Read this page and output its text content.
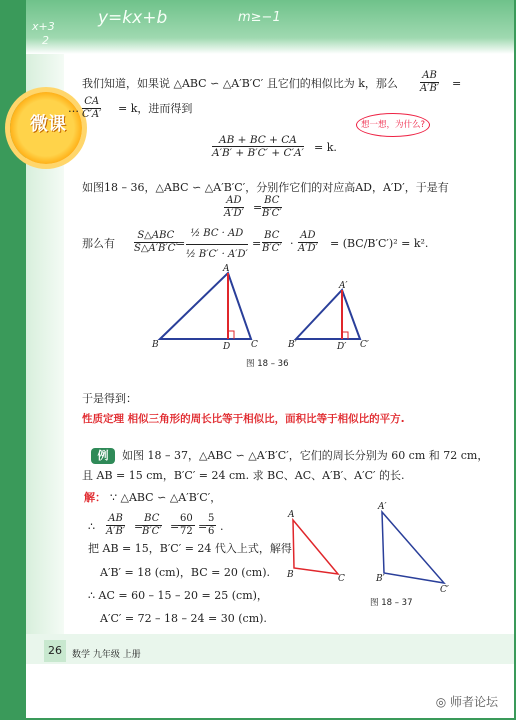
x+3
2
y=kx+b	m≥−1
微课
我们知道，如果说 △ABC ∽ △A′B′C′ 且它们的相似比为 k，那么 $\frac{AB}{A'B'}$ =
… $\frac{CA}{C'A'} = k$，进而得到
$\frac{AB + BC + CA}{A'B' + B'C' + C'A'} = k$.
想一想，为什么?
如图18 – 36，△ABC ∽ △A′B′C′，分别作它们的对应高AD，A′D′，于是有
$\frac{AD}{A'D'} = \frac{BC}{B'C'}$
那么有
S△ABC
S△A′B′C′
= $\frac{\text{½ BC · AD}}{\text{½ B′C′ · A′D′}} = \frac{BC}{B'C'} \cdot \frac{AD}{A'D'} = (BC/B'C')^2 = k^2$.
A
B	C
D
A′
B′	C′
D′
图 18 – 36
于是得到：
性质定理 相似三角形的周长比等于相似比，面积比等于相似比的平方.
例	如图 18 – 37，△ABC ∽ △A′B′C′，它们的周长分别为 60 cm 和 72 cm，
且 AB = 15 cm，B′C′ = 24 cm. 求 BC、AC、A′B′、A′C′ 的长.
解： ∵ △ABC ∽ △A′B′C′，
∴ $\frac{AB}{A'B'}$ =
$\frac{BC}{B'C'}$ =
$\frac{60}{72}$ =
$\frac{5}{6}$ .
把 AB = 15，B′C′ = 24 代入上式，解得
A′B′ = 18 (cm)，BC = 20 (cm).
∴ AC = 60 – 15 – 20 = 25 (cm)，
A′C′ = 72 – 18 – 24 = 30 (cm).
A
B	C
A′
B′
C′
图 18 – 37
26	数学 九年级 上册
◎ 师者论坛
